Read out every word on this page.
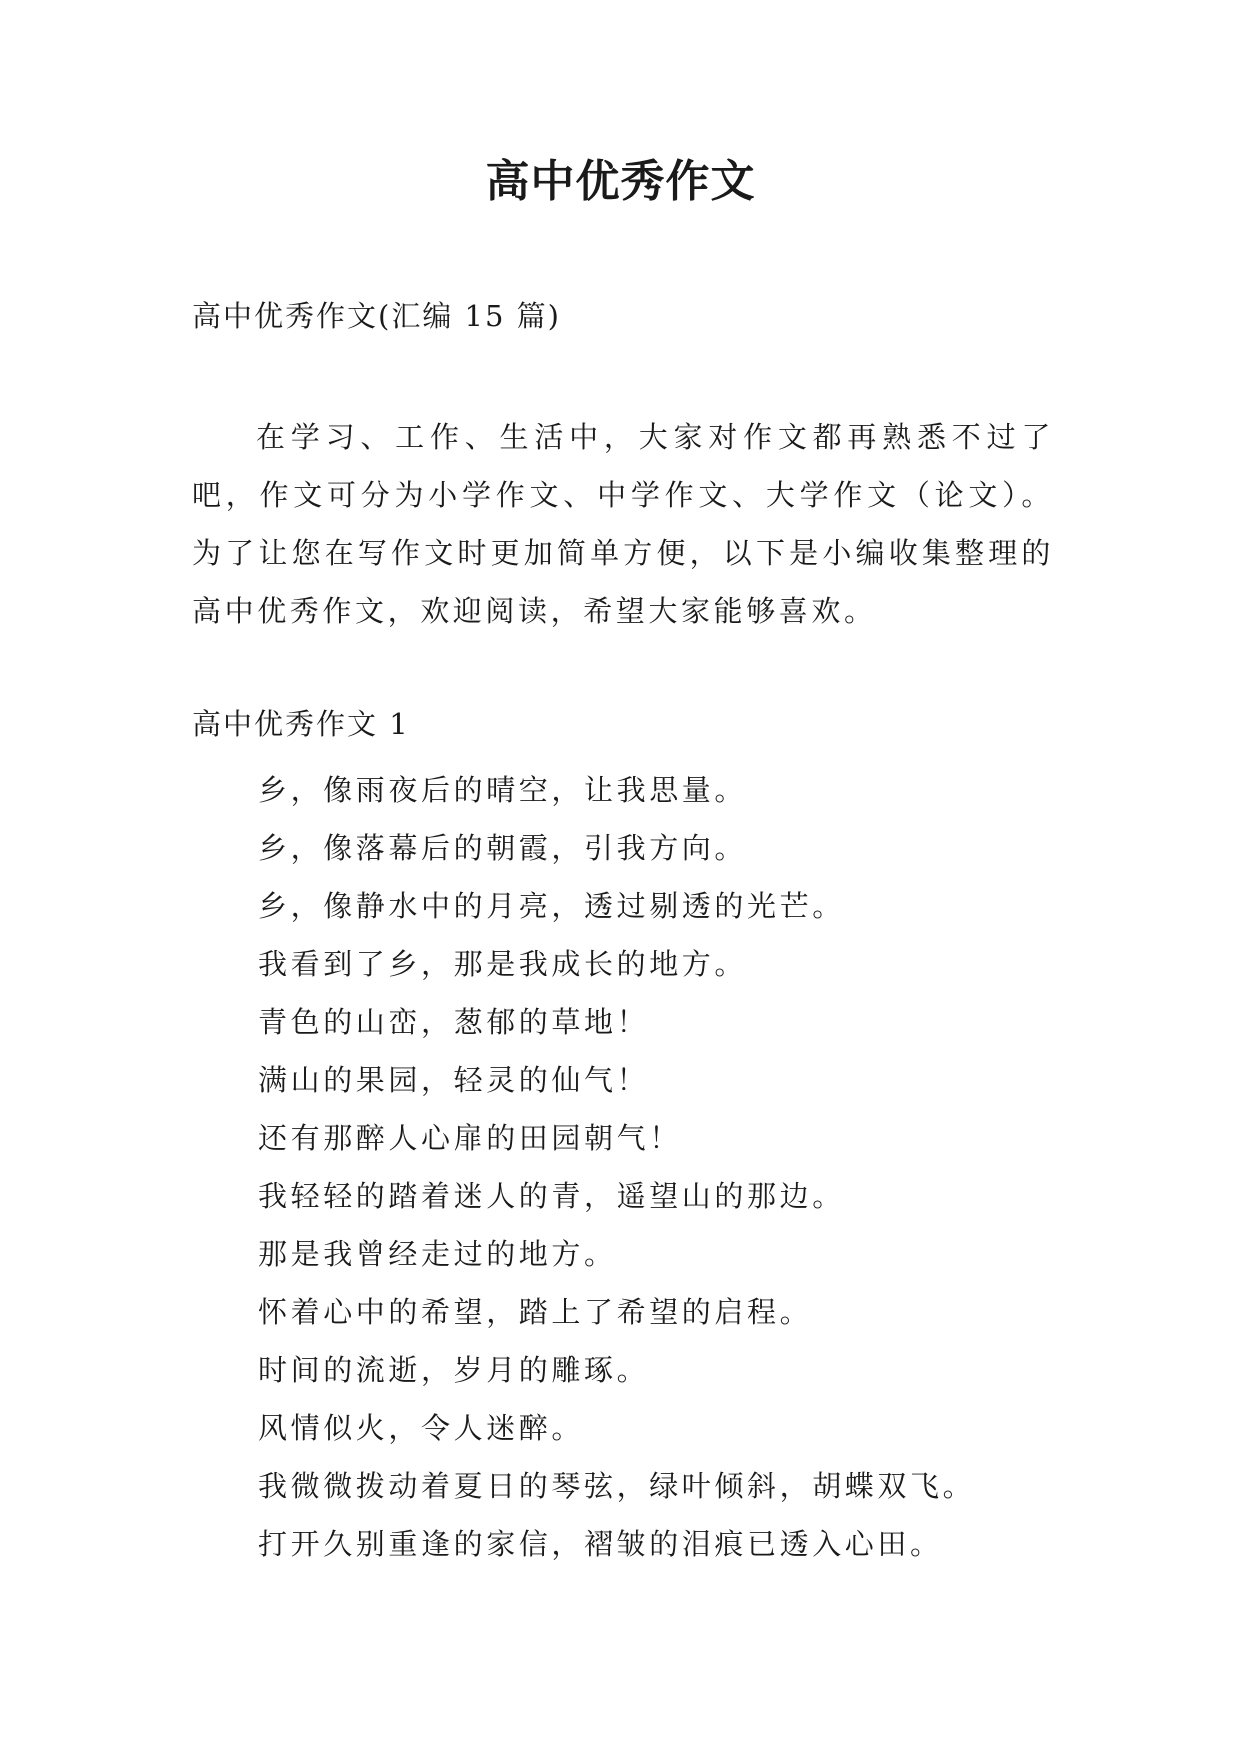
高中优秀作文

高中优秀作文(汇编 15 篇)

在学习、工作、生活中，大家对作文都再熟悉不过了吧，作文可分为小学作文、中学作文、大学作文（论文）。为了让您在写作文时更加简单方便，以下是小编收集整理的高中优秀作文，欢迎阅读，希望大家能够喜欢。

高中优秀作文 1

乡，像雨夜后的晴空，让我思量。
乡，像落幕后的朝霞，引我方向。
乡，像静水中的月亮，透过剔透的光芒。
我看到了乡，那是我成长的地方。
青色的山峦，葱郁的草地！
满山的果园，轻灵的仙气！
还有那醉人心扉的田园朝气！
我轻轻的踏着迷人的青，遥望山的那边。
那是我曾经走过的地方。
怀着心中的希望，踏上了希望的启程。
时间的流逝，岁月的雕琢。
风情似火，令人迷醉。
我微微拨动着夏日的琴弦，绿叶倾斜，胡蝶双飞。
打开久别重逢的家信，褶皱的泪痕已透入心田。
